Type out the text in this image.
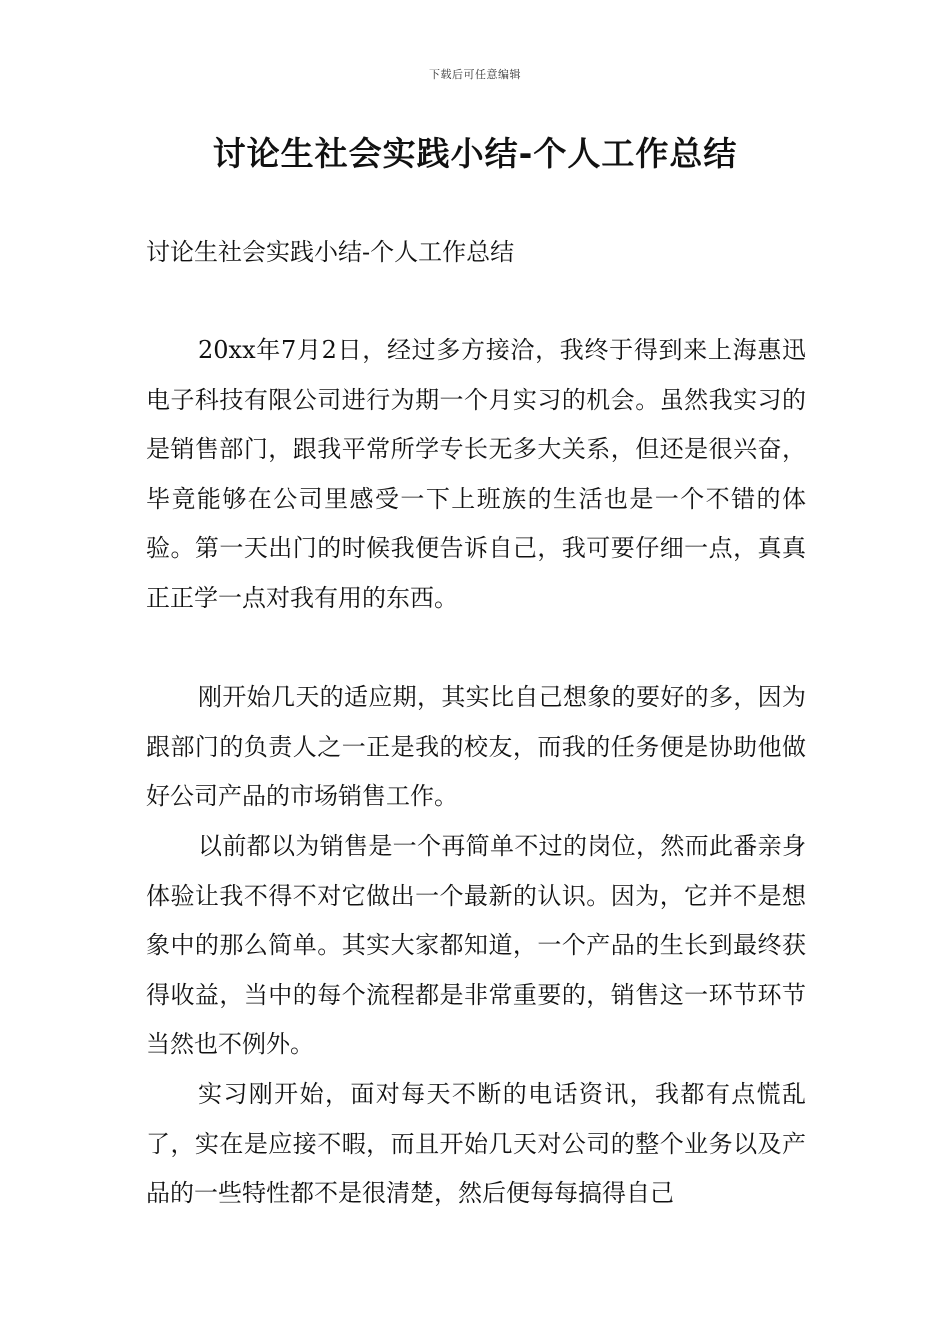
下载后可任意编辑
讨论生社会实践小结-个人工作总结
讨论生社会实践小结-个人工作总结

20xx年7月2日，经过多方接洽，我终于得到来上海惠迅电子科技有限公司进行为期一个月实习的机会。虽然我实习的是销售部门，跟我平常所学专长无多大关系，但还是很兴奋，毕竟能够在公司里感受一下上班族的生活也是一个不错的体验。第一天出门的时候我便告诉自己，我可要仔细一点，真真正正学一点对我有用的东西。

刚开始几天的适应期，其实比自己想象的要好的多，因为跟部门的负责人之一正是我的校友，而我的任务便是协助他做好公司产品的市场销售工作。

以前都以为销售是一个再简单不过的岗位，然而此番亲身体验让我不得不对它做出一个最新的认识。因为，它并不是想象中的那么简单。其实大家都知道，一个产品的生长到最终获得收益，当中的每个流程都是非常重要的，销售这一环节环节当然也不例外。

实习刚开始，面对每天不断的电话资讯，我都有点慌乱了，实在是应接不暇，而且开始几天对公司的整个业务以及产品的一些特性都不是很清楚，然后便每每搞得自己
